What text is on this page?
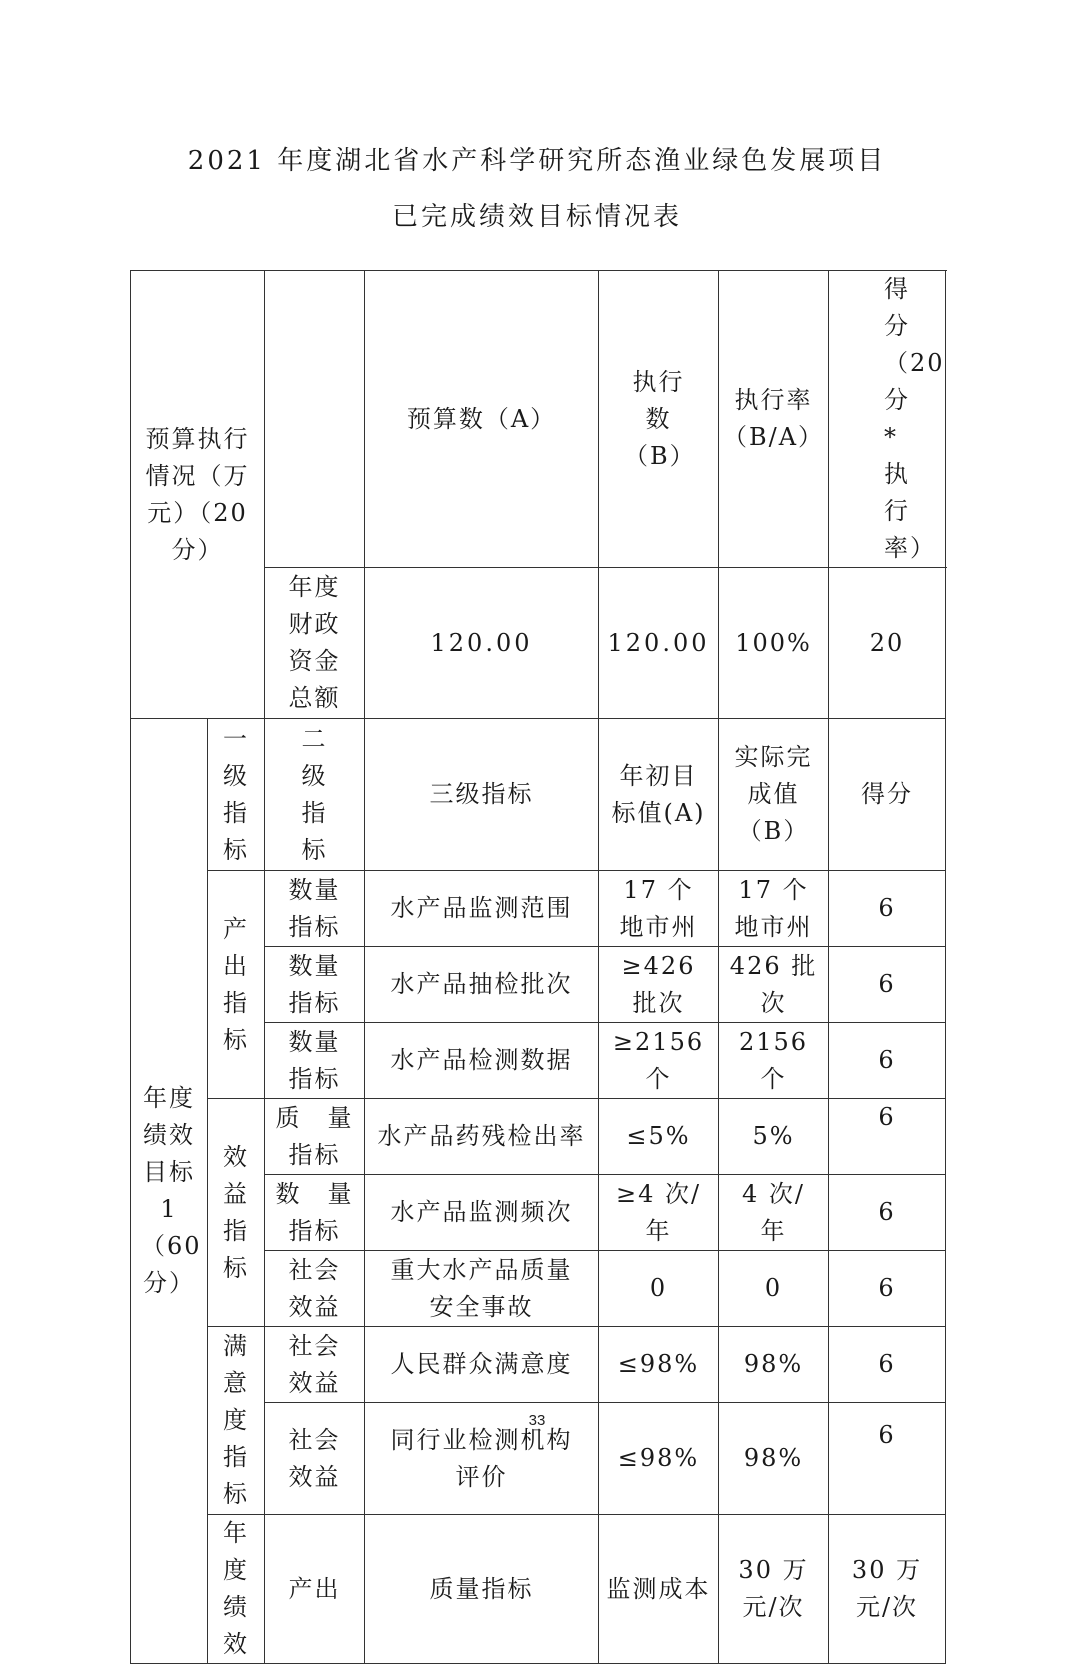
2021 年度湖北省水产科学研究所态渔业绿色发展项目
已完成绩效目标情况表
预算执行情况（万元）（20分）			预算数（A）	执行数（B）	执行率（B/A）	得分（20分*执行率）	
		年度财政资金总额	120.00	120.00	100%	20	
年度绩效目标1（60分）	一级指标	二级指标	三级指标	年初目标值(A)	实际完成值（B）	得分	
	产出指标	数量指标	水产品监测范围	17 个地市州	17 个地市州	6	
		数量指标	水产品抽检批次	≥426批次	426 批次	6	
		数量指标	水产品检测数据	≥2156个	2156个	6	
	效益指标	质　量指标	水产品药残检出率	≤5%	5%	6	
		数　量指标	水产品监测频次	≥4 次/年	4 次/年	6	
		社会效益	重大水产品质量安全事故	0	0	6	
	满意度指标	社会效益	人民群众满意度	≤98%	98%	6	
		社会效益	同行业检测机构评价	≤98%	98%	6	
	年度绩效	产出	质量指标	监测成本	30 万元/次	30 万元/次	
33
